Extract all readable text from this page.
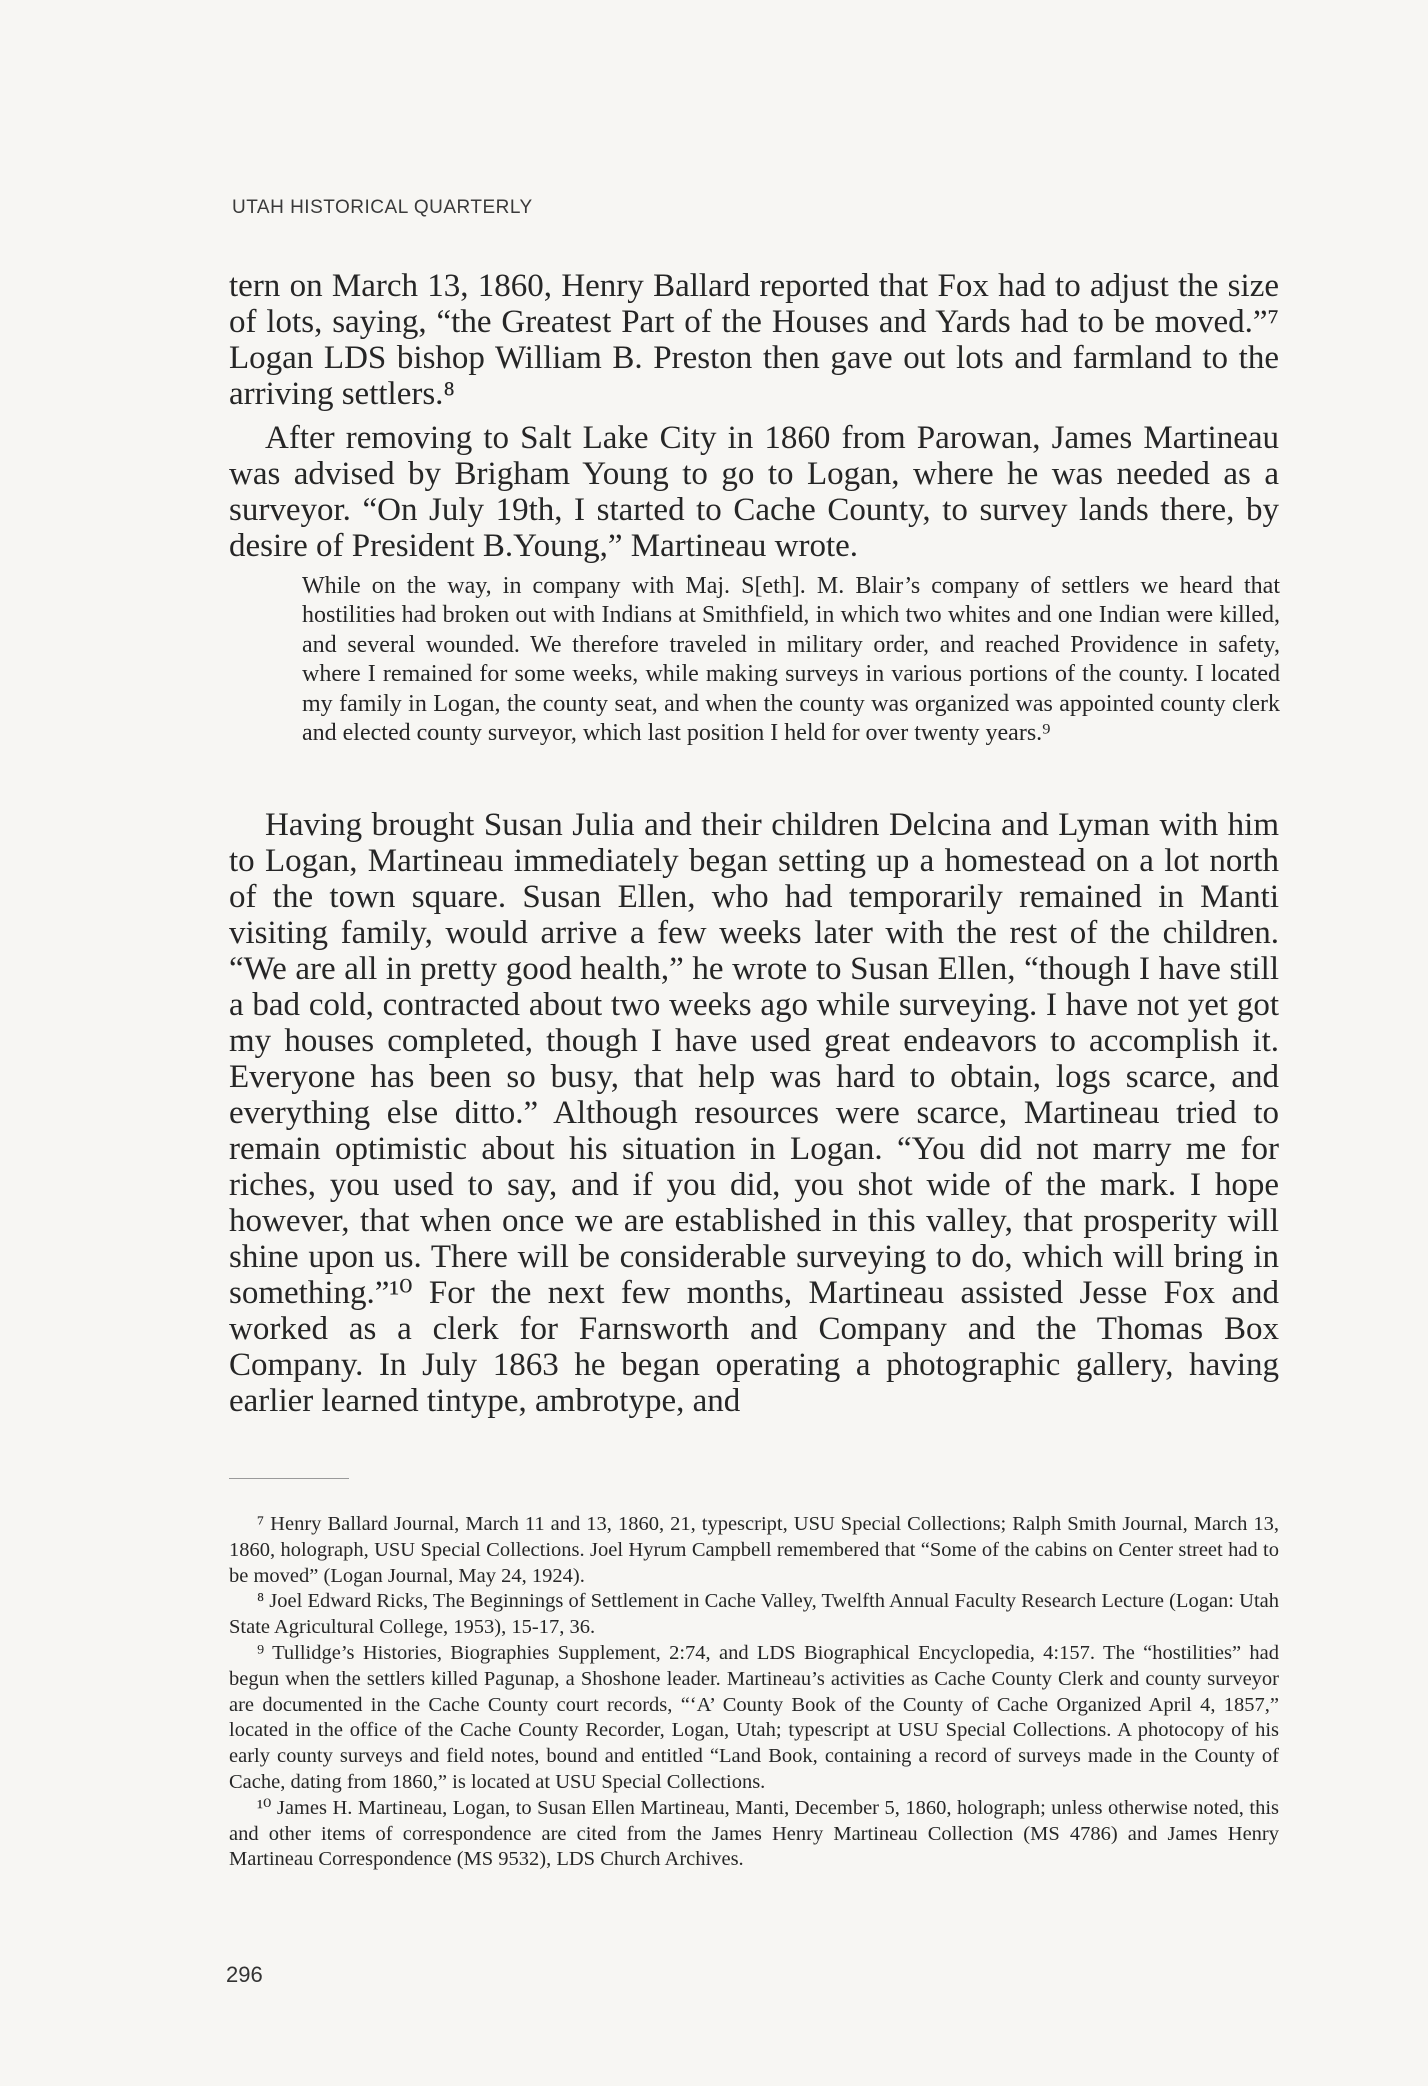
UTAH HISTORICAL QUARTERLY

tern on March 13, 1860, Henry Ballard reported that Fox had to adjust the size of lots, saying, “the Greatest Part of the Houses and Yards had to be moved.”⁷ Logan LDS bishop William B. Preston then gave out lots and farmland to the arriving settlers.⁸

After removing to Salt Lake City in 1860 from Parowan, James Martineau was advised by Brigham Young to go to Logan, where he was needed as a surveyor. “On July 19th, I started to Cache County, to survey lands there, by desire of President B.Young,” Martineau wrote.

While on the way, in company with Maj. S[eth]. M. Blair’s company of settlers we heard that hostilities had broken out with Indians at Smithfield, in which two whites and one Indian were killed, and several wounded. We therefore traveled in military order, and reached Providence in safety, where I remained for some weeks, while making surveys in various portions of the county. I located my family in Logan, the county seat, and when the county was organized was appointed county clerk and elected county surveyor, which last position I held for over twenty years.⁹

Having brought Susan Julia and their children Delcina and Lyman with him to Logan, Martineau immediately began setting up a homestead on a lot north of the town square. Susan Ellen, who had temporarily remained in Manti visiting family, would arrive a few weeks later with the rest of the children. “We are all in pretty good health,” he wrote to Susan Ellen, “though I have still a bad cold, contracted about two weeks ago while surveying. I have not yet got my houses completed, though I have used great endeavors to accomplish it. Everyone has been so busy, that help was hard to obtain, logs scarce, and everything else ditto.” Although resources were scarce, Martineau tried to remain optimistic about his situation in Logan. “You did not marry me for riches, you used to say, and if you did, you shot wide of the mark. I hope however, that when once we are established in this valley, that prosperity will shine upon us. There will be considerable surveying to do, which will bring in something.”¹⁰ For the next few months, Martineau assisted Jesse Fox and worked as a clerk for Farnsworth and Company and the Thomas Box Company. In July 1863 he began operating a photographic gallery, having earlier learned tintype, ambrotype, and

⁷ Henry Ballard Journal, March 11 and 13, 1860, 21, typescript, USU Special Collections; Ralph Smith Journal, March 13, 1860, holograph, USU Special Collections. Joel Hyrum Campbell remembered that “Some of the cabins on Center street had to be moved” (Logan Journal, May 24, 1924).

⁸ Joel Edward Ricks, The Beginnings of Settlement in Cache Valley, Twelfth Annual Faculty Research Lecture (Logan: Utah State Agricultural College, 1953), 15-17, 36.

⁹ Tullidge’s Histories, Biographies Supplement, 2:74, and LDS Biographical Encyclopedia, 4:157. The “hostilities” had begun when the settlers killed Pagunap, a Shoshone leader. Martineau’s activities as Cache County Clerk and county surveyor are documented in the Cache County court records, “‘A’ County Book of the County of Cache Organized April 4, 1857,” located in the office of the Cache County Recorder, Logan, Utah; typescript at USU Special Collections. A photocopy of his early county surveys and field notes, bound and entitled “Land Book, containing a record of surveys made in the County of Cache, dating from 1860,” is located at USU Special Collections.

¹⁰ James H. Martineau, Logan, to Susan Ellen Martineau, Manti, December 5, 1860, holograph; unless otherwise noted, this and other items of correspondence are cited from the James Henry Martineau Collection (MS 4786) and James Henry Martineau Correspondence (MS 9532), LDS Church Archives.

296
